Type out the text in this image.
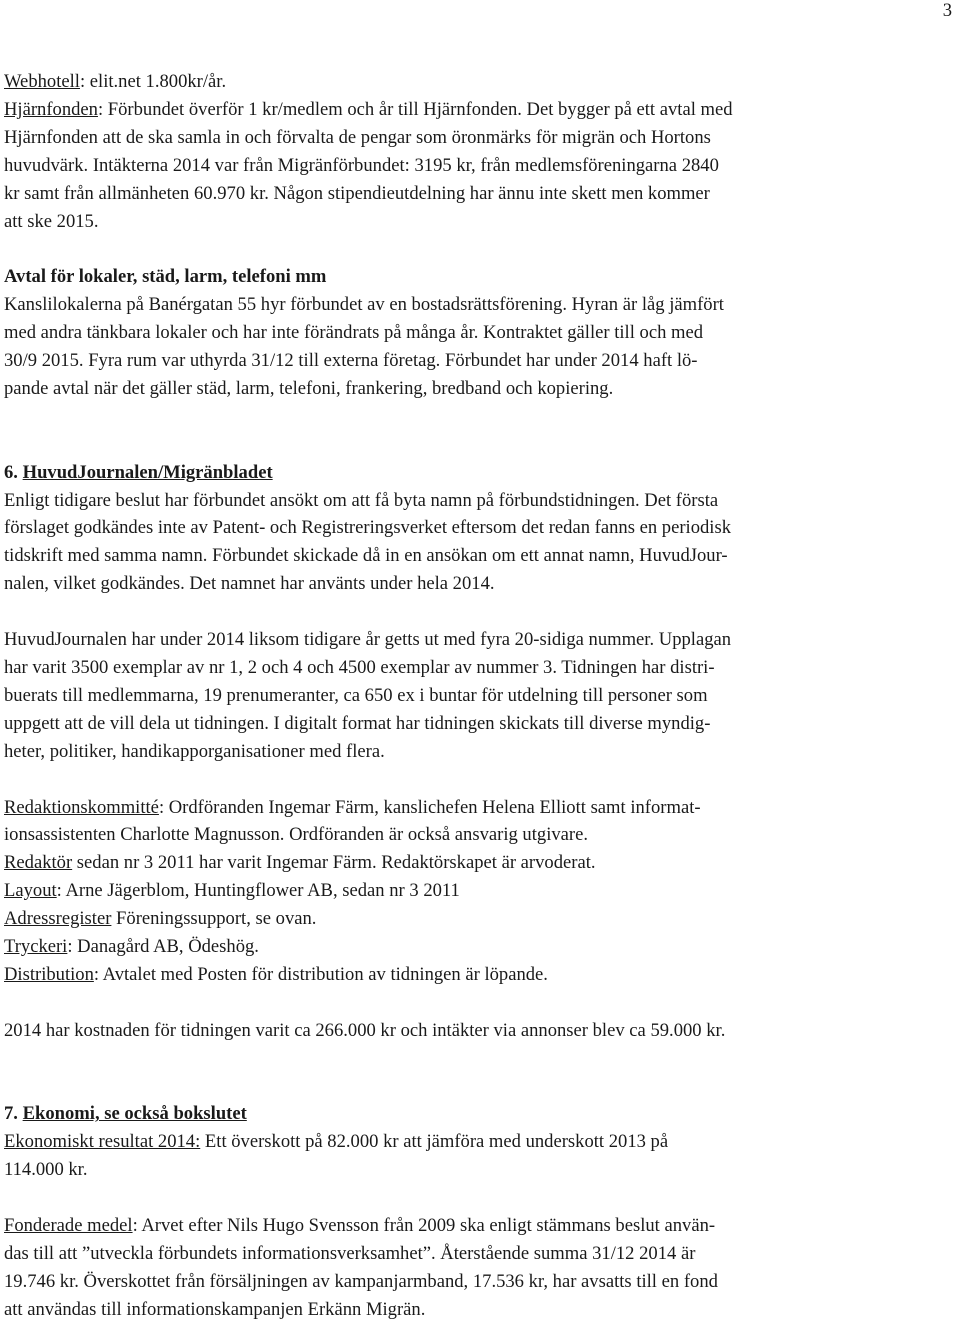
3

Webhotell: elit.net 1.800kr/år.

Hjärnfonden: Förbundet överför 1 kr/medlem och år till Hjärnfonden. Det bygger på ett avtal med

Hjärnfonden att de ska samla in och förvalta de pengar som öronmärks för migrän och Hortons

huvudvärk. Intäkterna 2014 var från Migränförbundet: 3195 kr, från medlemsföreningarna 2840

kr samt från allmänheten 60.970 kr. Någon stipendieutdelning har ännu inte skett men kommer

att ske 2015.

Avtal för lokaler, städ, larm, telefoni mm

Kanslilokalerna på Banérgatan 55 hyr förbundet av en bostadsrättsförening. Hyran är låg jämfört

med andra tänkbara lokaler och har inte förändrats på många år. Kontraktet gäller till och med

30/9 2015. Fyra rum var uthyrda 31/12 till externa företag. Förbundet har under 2014 haft lö-

pande avtal när det gäller städ, larm, telefoni, frankering, bredband och kopiering.

6. HuvudJournalen/Migränbladet

Enligt tidigare beslut har förbundet ansökt om att få byta namn på förbundstidningen. Det första

förslaget godkändes inte av Patent- och Registreringsverket eftersom det redan fanns en periodisk

tidskrift med samma namn. Förbundet skickade då in en ansökan om ett annat namn, HuvudJour-

nalen, vilket godkändes. Det namnet har använts under hela 2014.

HuvudJournalen har under 2014 liksom tidigare år getts ut med fyra 20-sidiga nummer. Upplagan

har varit 3500 exemplar av nr 1, 2 och 4 och 4500 exemplar av nummer 3. Tidningen har distri-

buerats till medlemmarna, 19 prenumeranter, ca 650 ex i buntar för utdelning till personer som

uppgett att de vill dela ut tidningen. I digitalt format har tidningen skickats till diverse myndig-

heter, politiker, handikapporganisationer med flera.

Redaktionskommitté: Ordföranden Ingemar Färm, kanslichefen Helena Elliott samt informat-

ionsassistenten Charlotte Magnusson. Ordföranden är också ansvarig utgivare.

Redaktör sedan nr 3 2011 har varit Ingemar Färm. Redaktörskapet är arvoderat.

Layout: Arne Jägerblom, Huntingflower AB, sedan nr 3 2011

Adressregister Föreningssupport, se ovan.

Tryckeri: Danagård AB, Ödeshög.

Distribution: Avtalet med Posten för distribution av tidningen är löpande.

2014 har kostnaden för tidningen varit ca 266.000 kr och intäkter via annonser blev ca 59.000 kr.

7. Ekonomi, se också bokslutet

Ekonomiskt resultat 2014: Ett överskott på 82.000 kr att jämföra med underskott 2013 på

114.000 kr.

Fonderade medel: Arvet efter Nils Hugo Svensson från 2009 ska enligt stämmans beslut använ-

das till att ”utveckla förbundets informationsverksamhet”. Återstående summa 31/12 2014 är

19.746 kr. Överskottet från försäljningen av kampanjarmband, 17.536 kr, har avsatts till en fond

att användas till informationskampanjen Erkänn Migrän.
